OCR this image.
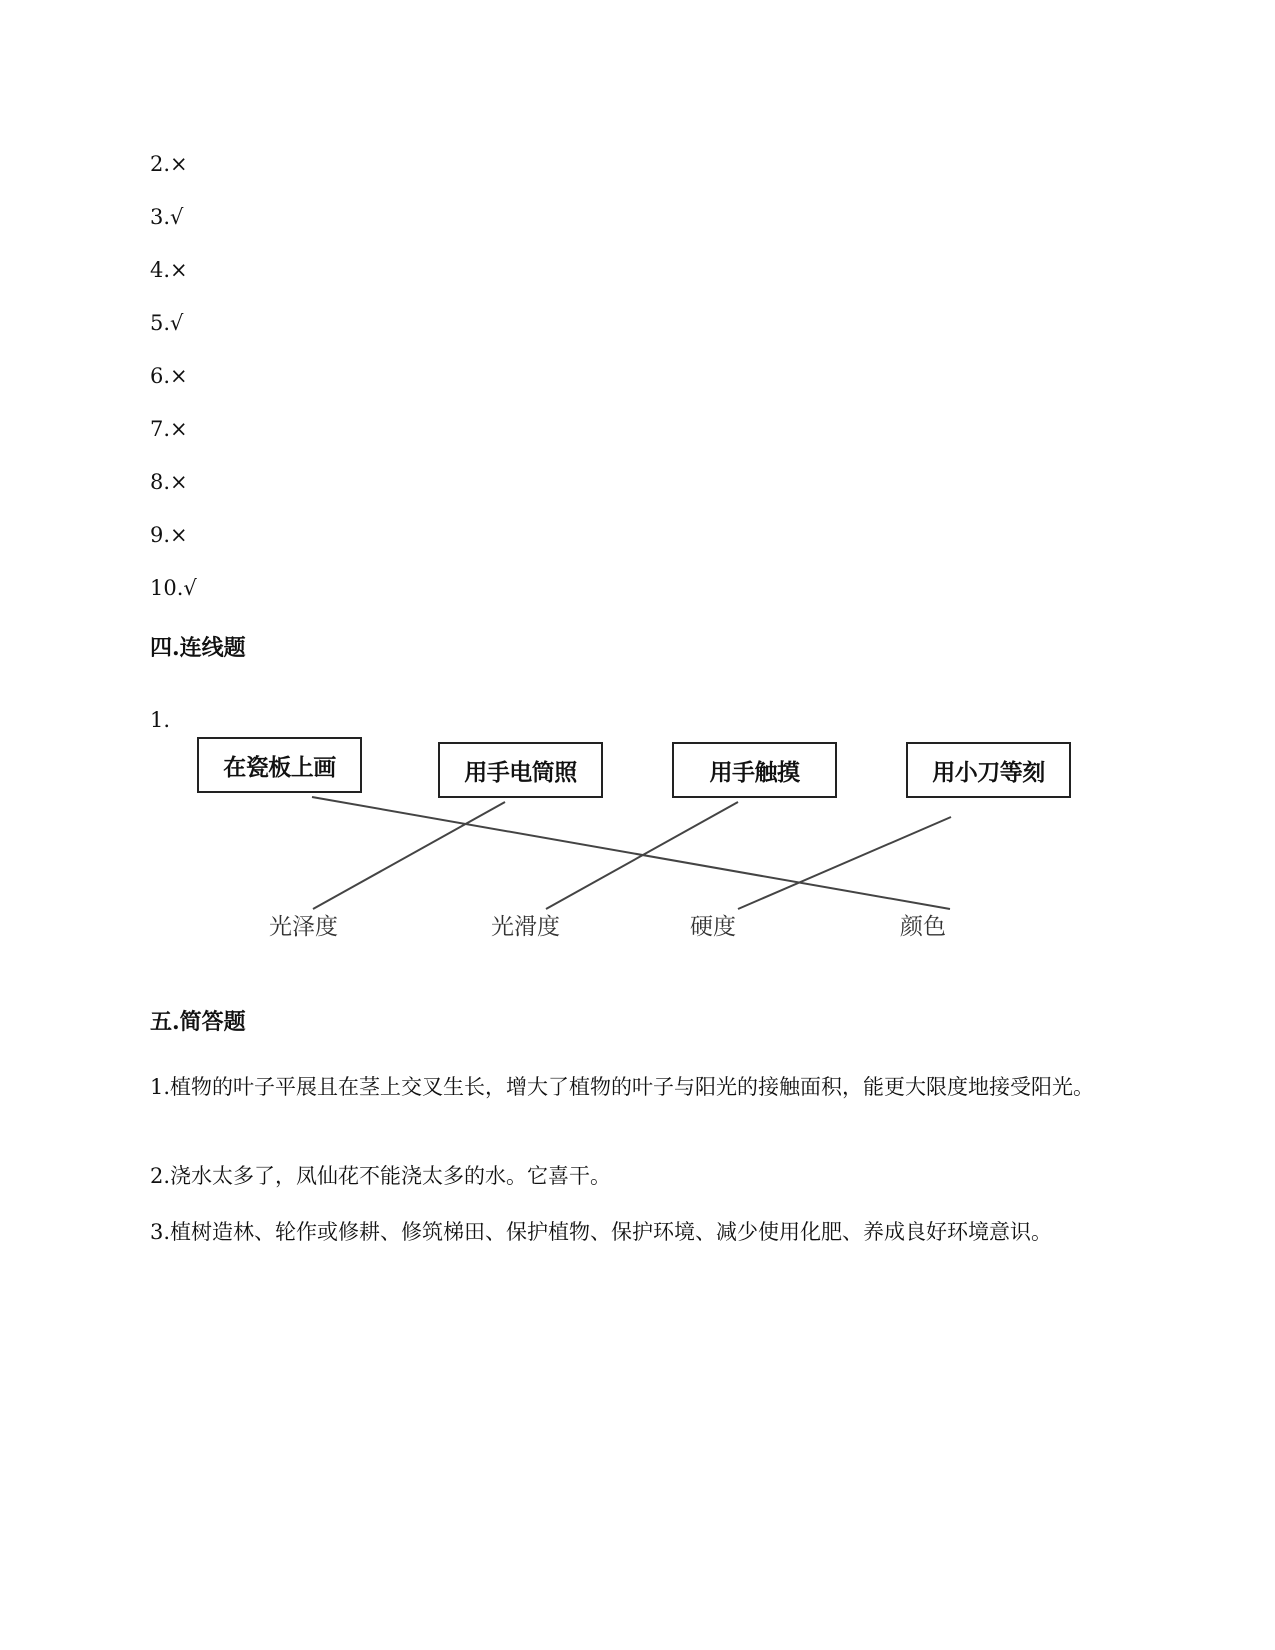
2.×
3.√
4.×
5.√
6.×
7.×
8.×
9.×
10.√
四.连线题
1.
在瓷板上画	用手电筒照	用手触摸	用小刀等刻
光泽度	光滑度	硬度	颜色
五.简答题
1.植物的叶子平展且在茎上交叉生长，增大了植物的叶子与阳光的接触面积，能更大限度地接受阳光。
2.浇水太多了，凤仙花不能浇太多的水。它喜干。
3.植树造林、轮作或修耕、修筑梯田、保护植物、保护环境、减少使用化肥、养成良好环境意识。
